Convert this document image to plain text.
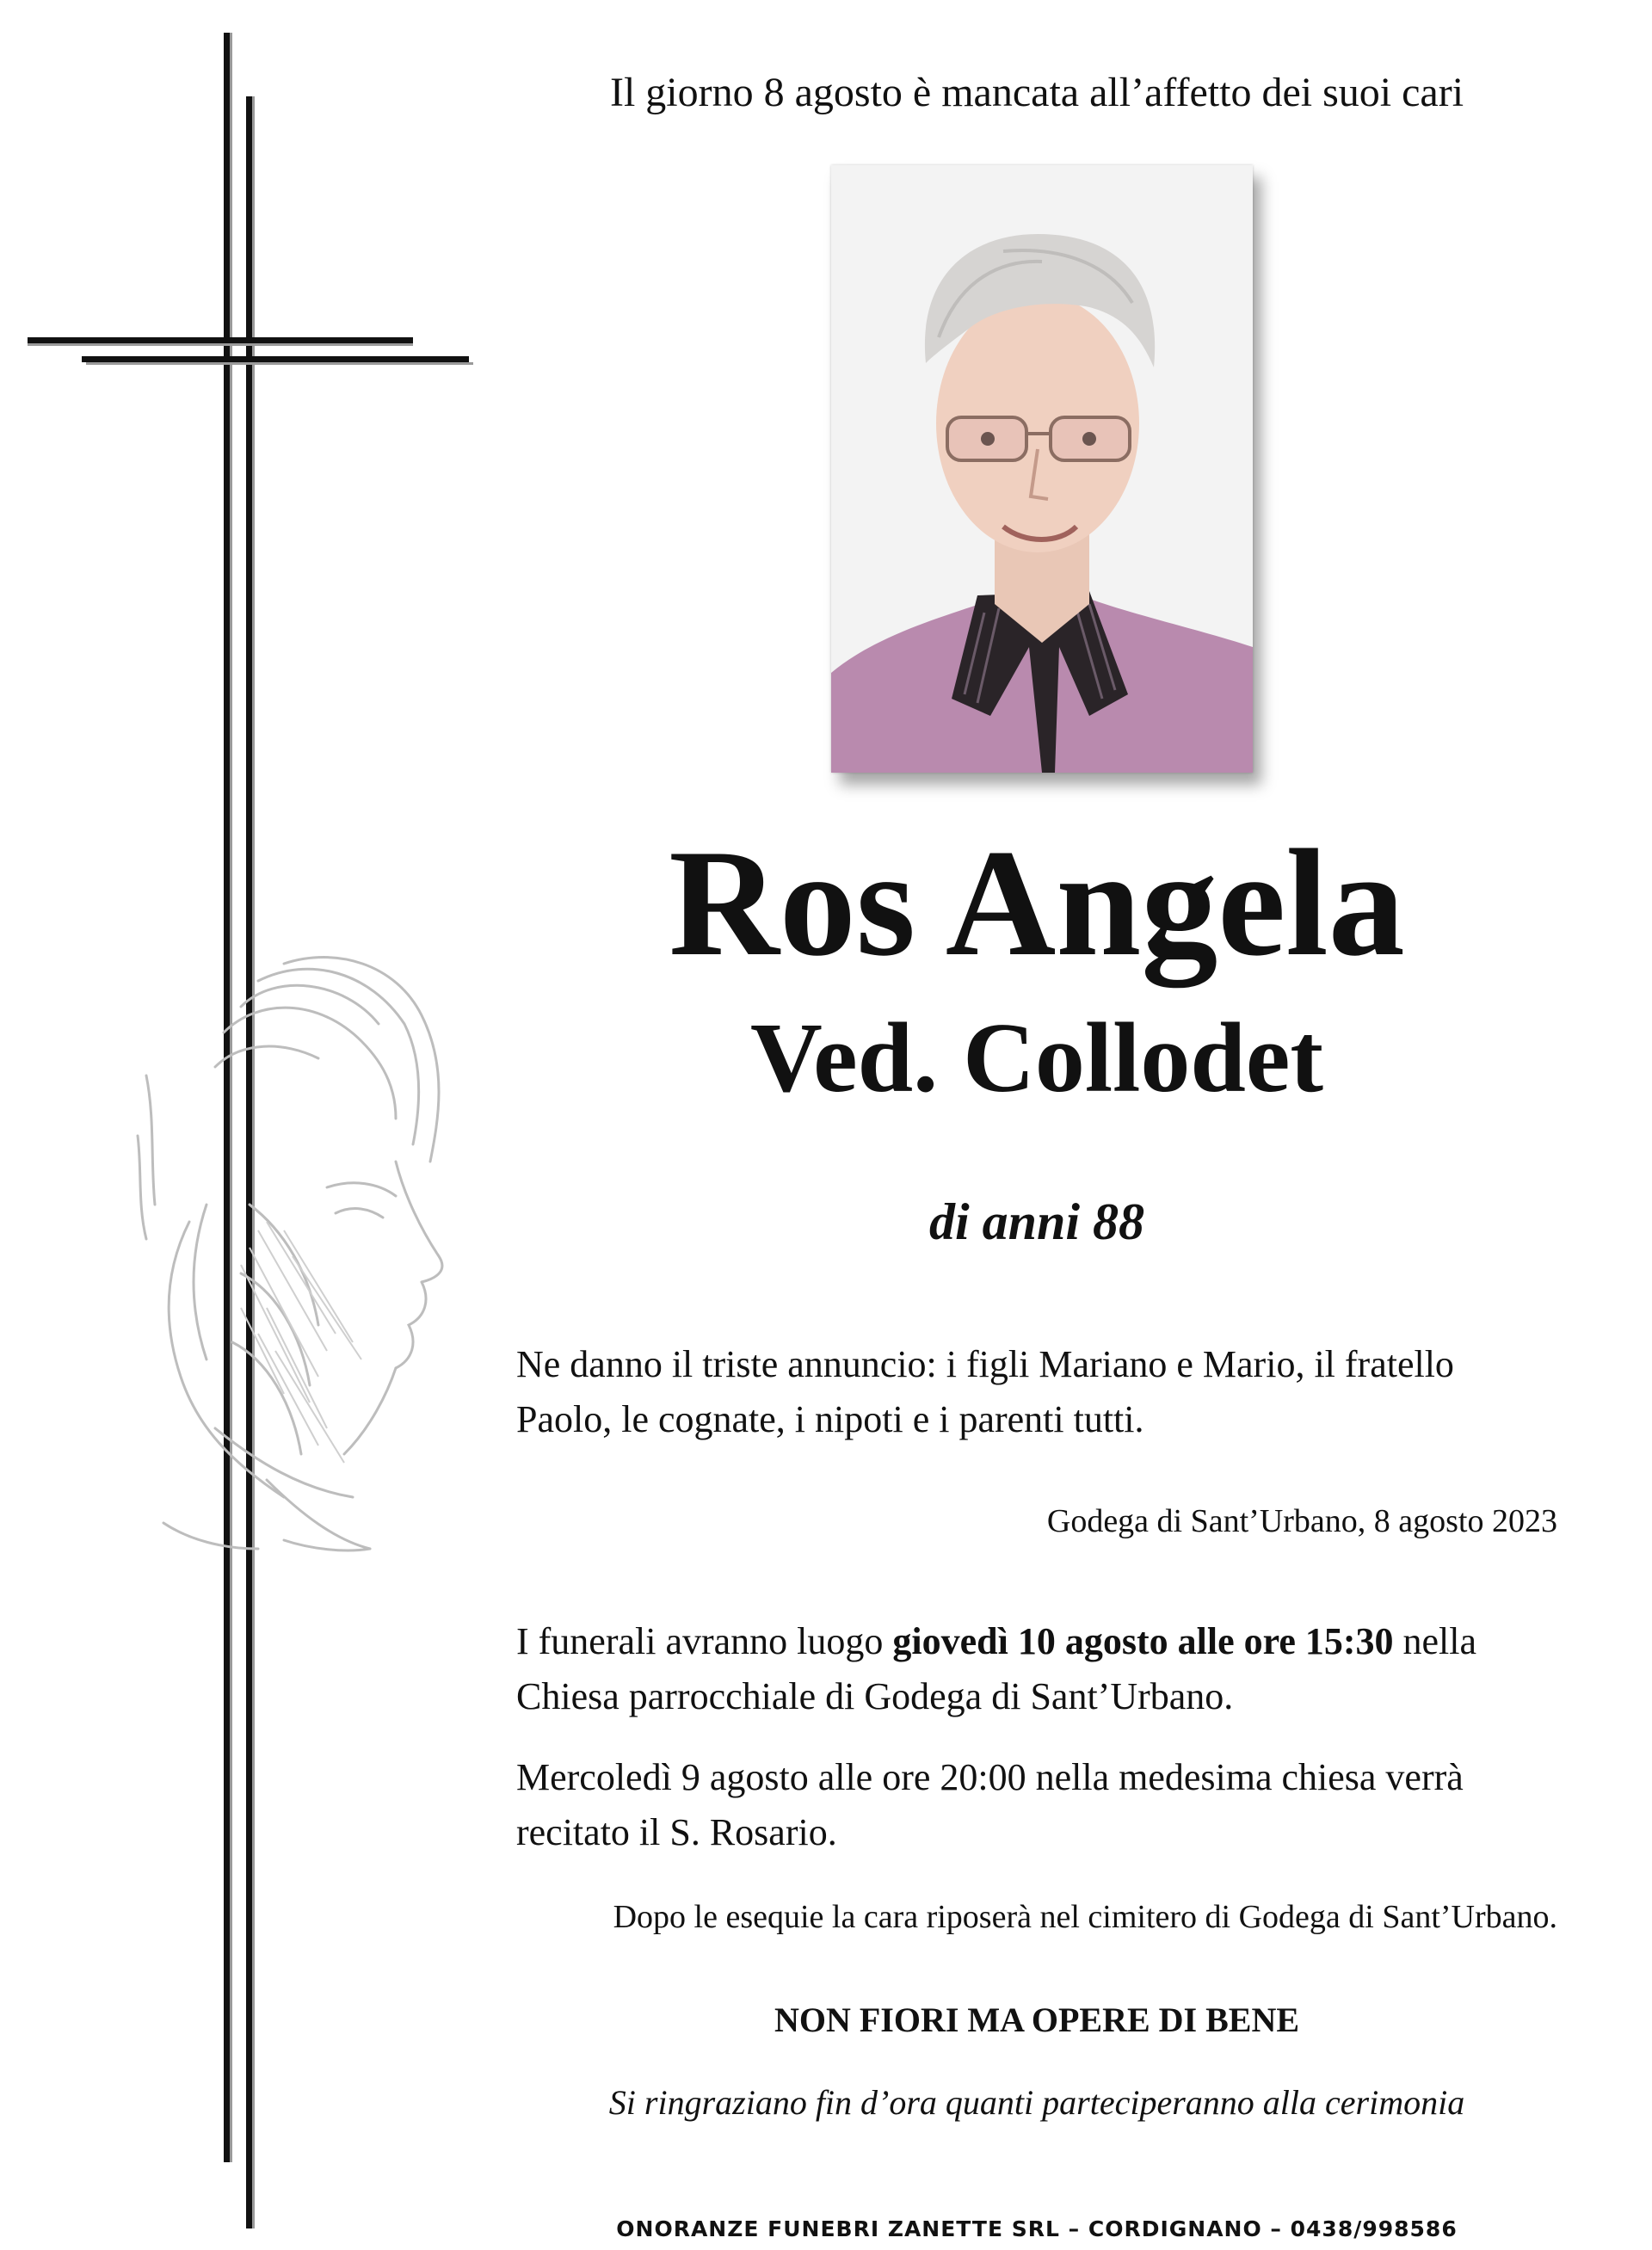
Il giorno 8 agosto è mancata all’affetto dei suoi cari
Ros Angela
Ved. Collodet
di anni 88
Ne danno il triste annuncio: i figli Mariano e Mario, il fratello Paolo, le cognate, i nipoti e i parenti tutti.
Godega di Sant’Urbano, 8 agosto 2023
I funerali avranno luogo giovedì 10 agosto alle ore 15:30 nella Chiesa parrocchiale di Godega di Sant’Urbano.
Mercoledì 9 agosto alle ore 20:00 nella medesima chiesa verrà recitato il S. Rosario.
Dopo le esequie la cara riposerà nel cimitero di Godega di Sant’Urbano.
NON FIORI MA OPERE DI BENE
Si ringraziano fin d’ora quanti parteciperanno alla cerimonia
ONORANZE FUNEBRI ZANETTE SRL – CORDIGNANO – 0438/998586
